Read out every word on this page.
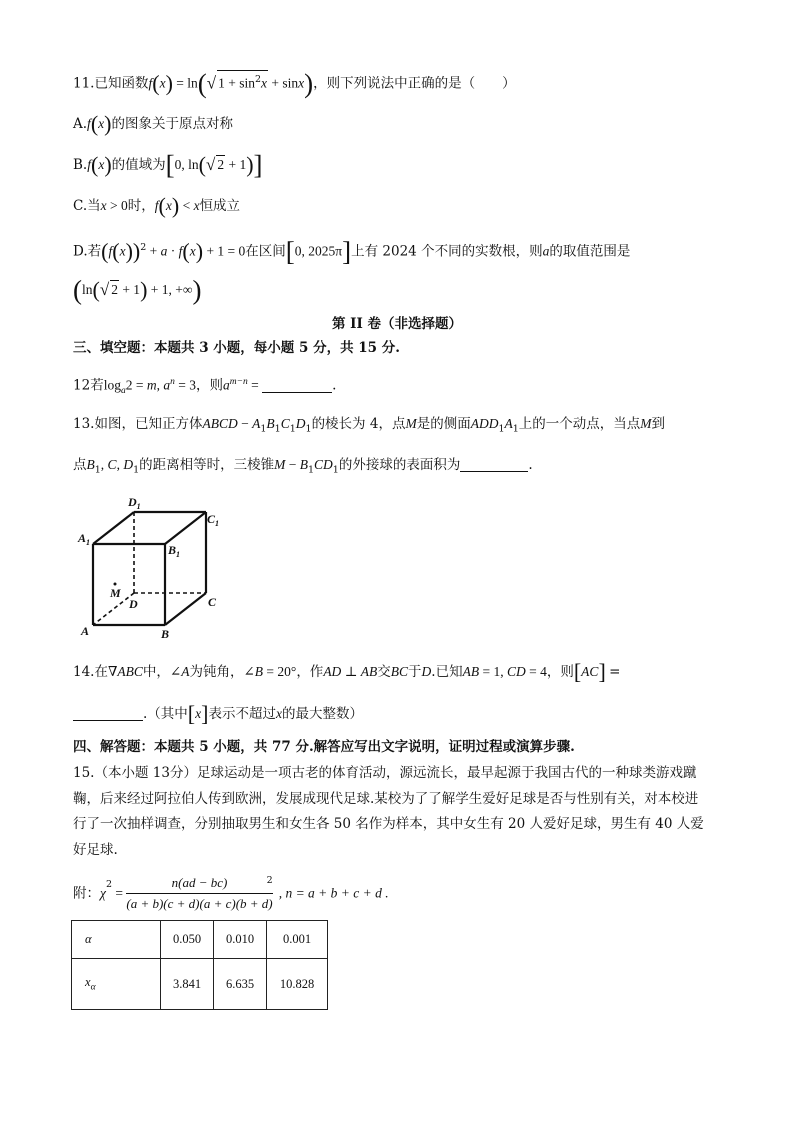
11.已知函数f(x) = ln(√ $1 + \sin^2x + \sin x$)，则下列说法中正确的是（　　）
A.f(x)的图象关于原点对称
B.f(x)的值域为[0, ln(√ 2 + 1)]
C.当x > 0时，f(x) < x恒成立
D.若$(f(x))^2 + a \cdot f(x) + 1 = 0$在区间[0, 2025π]上有 2024 个不同的实数根，则a的取值范围是
(ln(√ 2 + 1) + 1, +∞)
第 II 卷（非选择题）
三、填空题：本题共 3 小题，每小题 5 分，共 15 分.
12若$\log_a2 = m$, $a^n = 3$，则$a^{m-n}$ =	.
13.如图，已知正方体ABCD − $A_1B_1C_1D_1$的棱长为 4，点M是的侧面$ADD_1A_1$上的一个动点，当点M到
点$B_1$, C, $D_1$的距离相等时，三棱锥$M - B_1CD_1$的外接球的表面积为	.
$D_1$
$C_1$
$A_1$
$B_1$
M
D	C
A	B
14.在∇ABC中，∠A为钝角，∠B = 20°，作AD ⊥ AB交BC于D.已知AB = 1, CD = 4，则[AC] =
.（其中[x]表示不超过x的最大整数）
四、解答题：本题共 5 小题，共 77 分.解答应写出文字说明，证明过程或演算步骤.
15.（本小题 13分）足球运动是一项古老的体育活动，源远流长，最早起源于我国古代的一种球类游戏蹴
鞠，后来经过阿拉伯人传到欧洲，发展成现代足球.某校为了了解学生爱好足球是否与性别有关，对本校进
行了一次抽样调查，分别抽取男生和女生各 50 名作为样本，其中女生有 20 人爱好足球，男生有 40 人爱
好足球.
附：$\chi^2 = \frac{n(ad - bc)}{(a + b)(c + d)(a + c)(b + d)}$
$^2$, n = a + b + c + d .
α	0.050	0.010	0.001
$x_\alpha$	3.841	6.635	10.828
